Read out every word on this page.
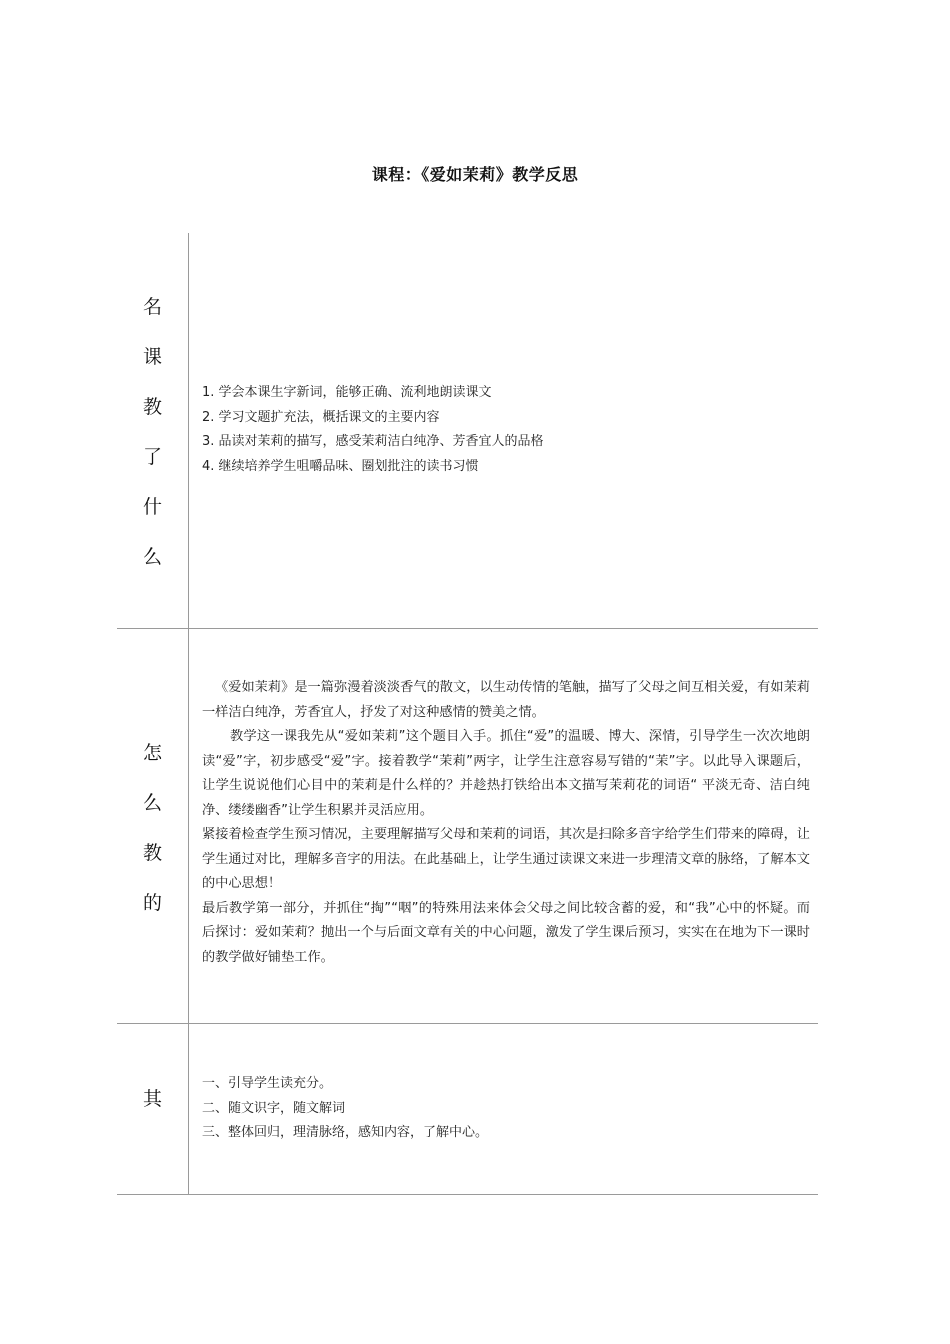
课程：《爱如茉莉》教学反思
名
课
教
了
什
么

1. 学会本课生字新词，能够正确、流利地朗读课文

2. 学习文题扩充法，概括课文的主要内容

3. 品读对茉莉的描写，感受茉莉洁白纯净、芳香宜人的品格

4. 继续培养学生咀嚼品味、圈划批注的读书习惯

怎
么
教
的

《爱如茉莉》是一篇弥漫着淡淡香气的散文，以生动传情的笔触，描写了父母之间互相关爱，有如茉莉一样洁白纯净，芳香宜人，抒发了对这种感情的赞美之情。

教学这一课我先从“爱如茉莉”这个题目入手。抓住“爱”的温暖、博大、深情，引导学生一次次地朗读“爱”字，初步感受“爱”字。接着教学“茉莉”两字，让学生注意容易写错的“茉”字。以此导入课题后，让学生说说他们心目中的茉莉是什么样的？并趁热打铁给出本文描写茉莉花的词语“ 平淡无奇、洁白纯净、缕缕幽香”让学生积累并灵活应用。

紧接着检查学生预习情况，主要理解描写父母和茉莉的词语，其次是扫除多音字给学生们带来的障碍，让学生通过对比，理解多音字的用法。在此基础上，让学生通过读课文来进一步理清文章的脉络，了解本文的中心思想！

最后教学第一部分，并抓住“掏”“咽”的特殊用法来体会父母之间比较含蓄的爱，和“我”心中的怀疑。而后探讨：爱如茉莉？抛出一个与后面文章有关的中心问题，激发了学生课后预习，实实在在地为下一课时的教学做好铺垫工作。

其

一、引导学生读充分。

二、随文识字，随文解词

三、整体回归，理清脉络，感知内容，了解中心。
